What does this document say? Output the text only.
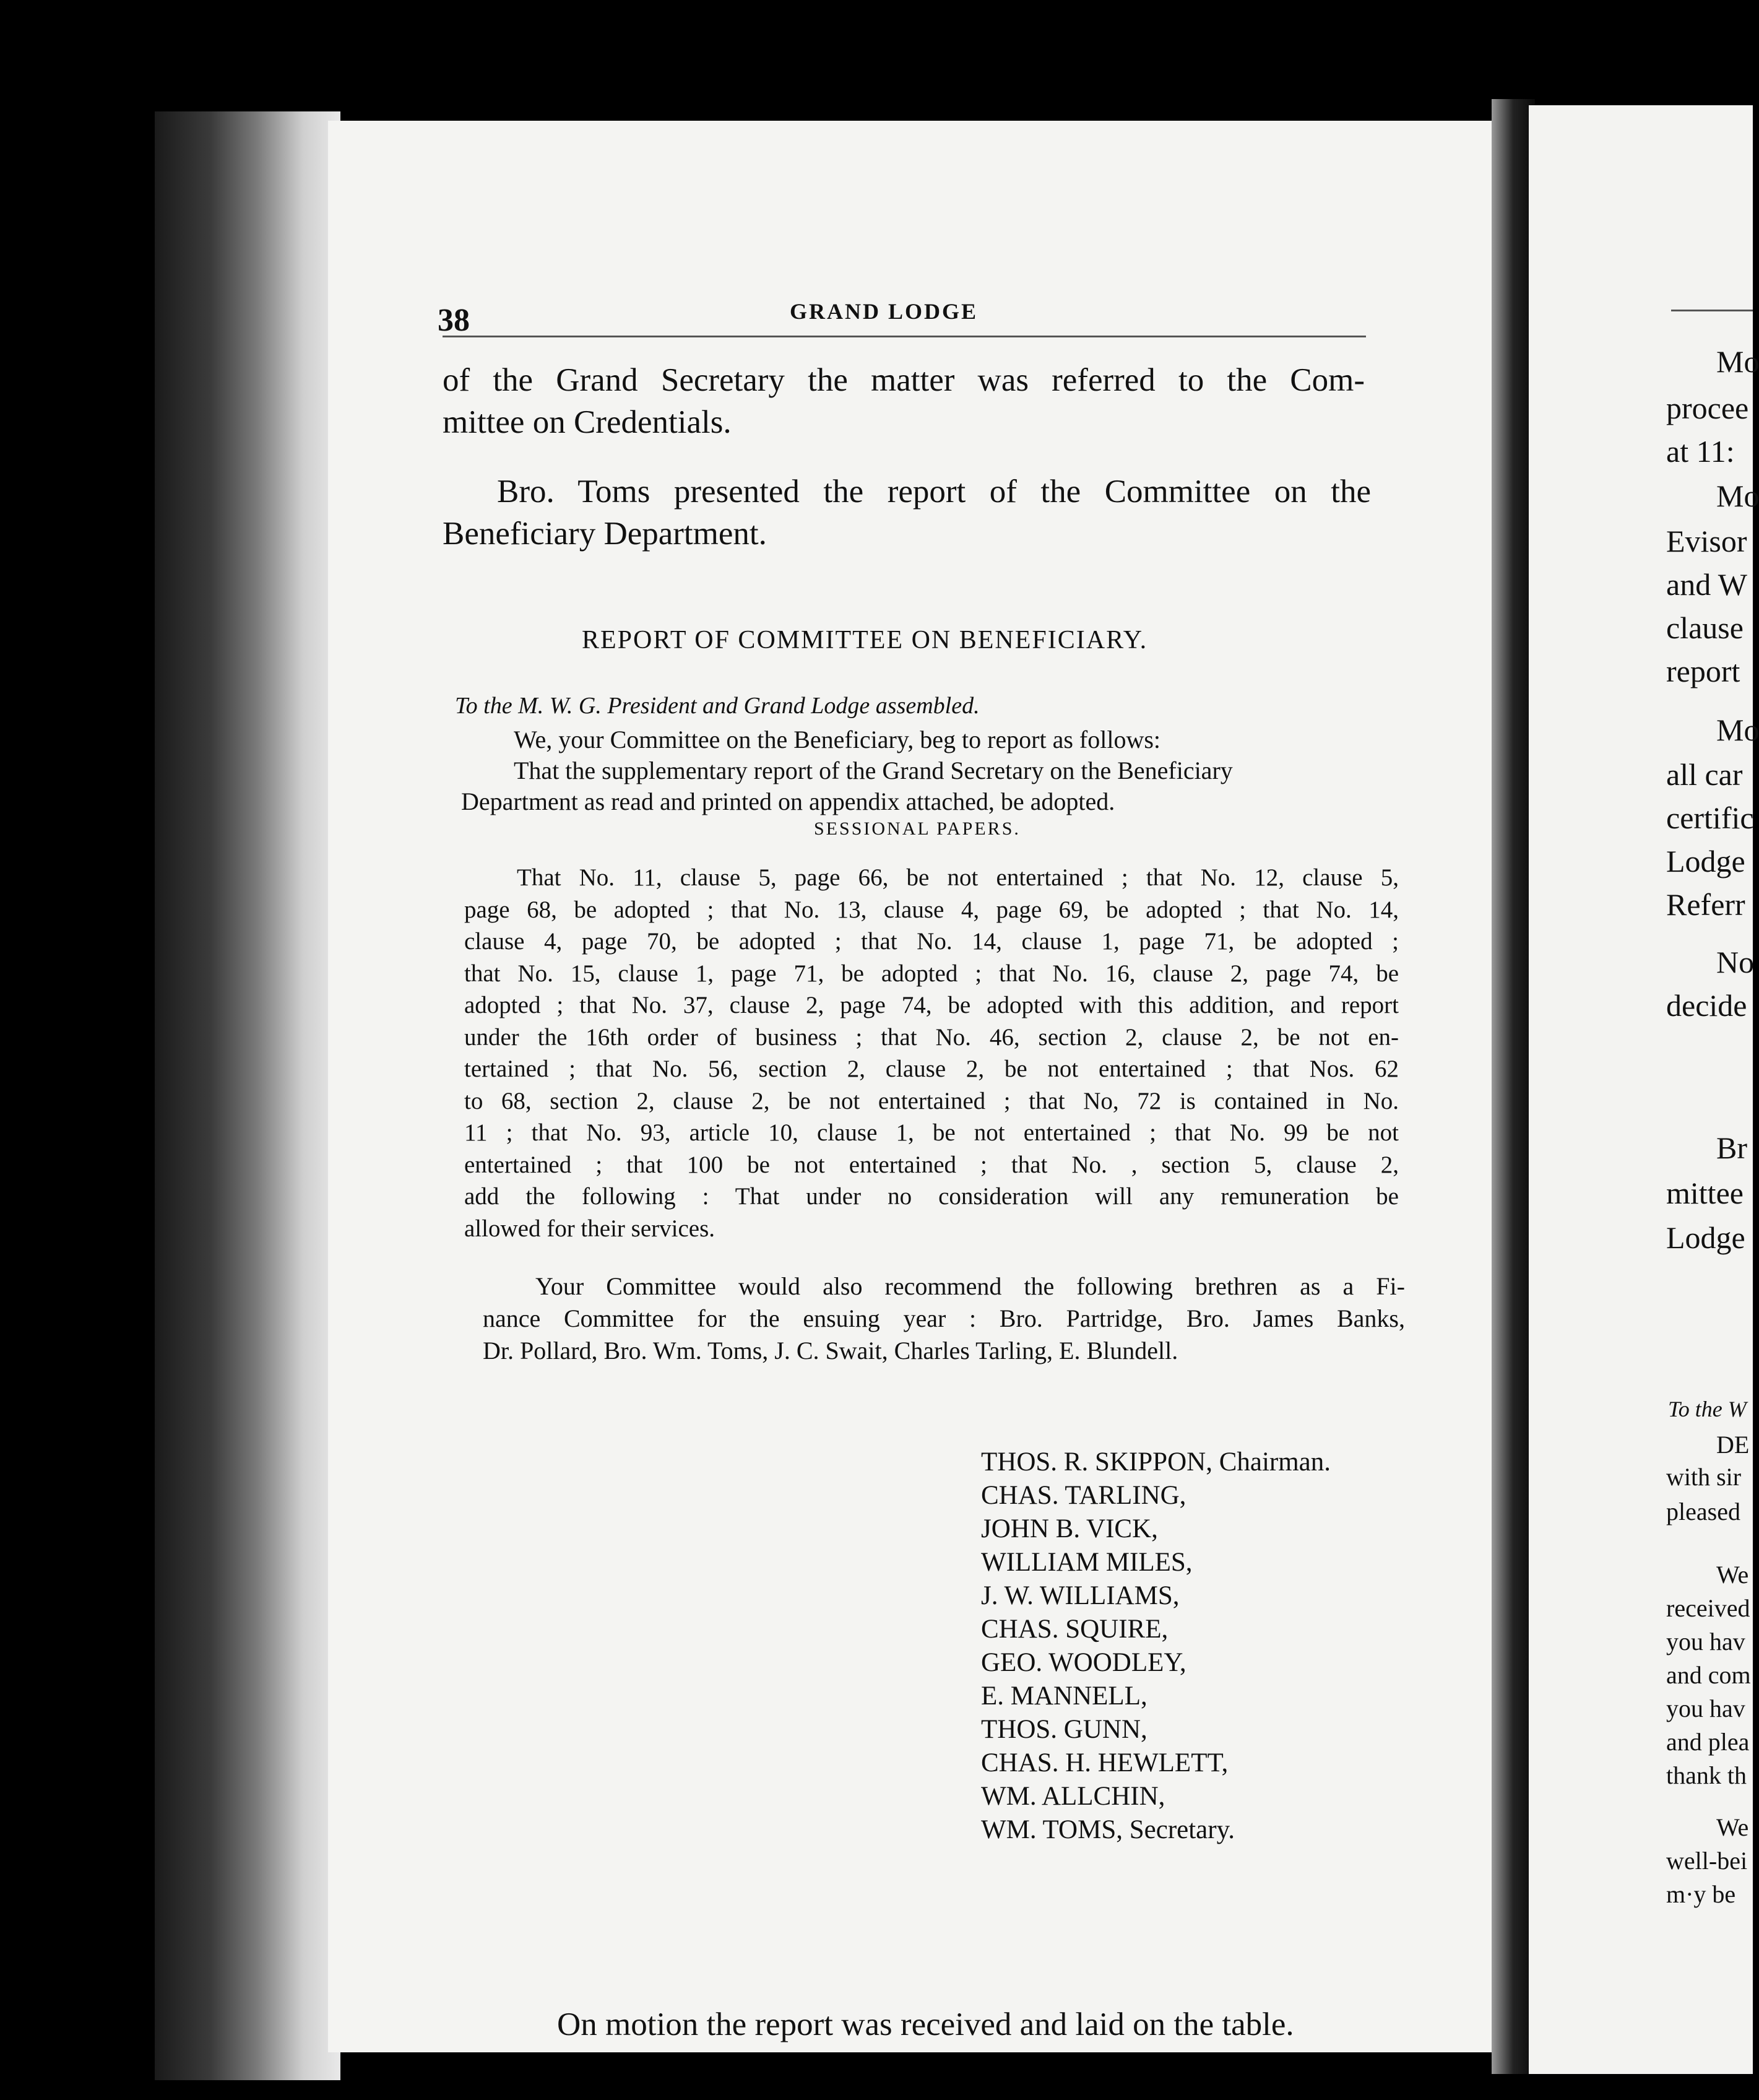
38	GRAND LODGE
of the Grand Secretary the matter was referred to the Com-
mittee on Credentials.
Bro. Toms presented the report of the Committee on the
Beneficiary Department.
REPORT OF COMMITTEE ON BENEFICIARY.
To the M. W. G. President and Grand Lodge assembled.
We, your Committee on the Beneficiary, beg to report as follows:
That the supplementary report of the Grand Secretary on the Beneficiary
Department as read and printed on appendix attached, be adopted.
SESSIONAL PAPERS.
That No. 11, clause 5, page 66, be not entertained ; that No. 12, clause 5,
page 68, be adopted ; that No. 13, clause 4, page 69, be adopted ; that No. 14,
clause 4, page 70, be adopted ; that No. 14, clause 1, page 71, be adopted ;
that No. 15, clause 1, page 71, be adopted ; that No. 16, clause 2, page 74, be
adopted ; that No. 37, clause 2, page 74, be adopted with this addition, and report
under the 16th order of business ; that No. 46, section 2, clause 2, be not en-
tertained ; that No. 56, section 2, clause 2, be not entertained ; that Nos. 62
to 68, section 2, clause 2, be not entertained ; that No, 72 is contained in No.
11 ; that No. 93, article 10, clause 1, be not entertained ; that No. 99 be not
entertained ; that 100 be not entertained ; that No. , section 5, clause 2,
add the following : That under no consideration will any remuneration be
allowed for their services.
Your Committee would also recommend the following brethren as a Fi-
nance Committee for the ensuing year : Bro. Partridge, Bro. James Banks,
Dr. Pollard, Bro. Wm. Toms, J. C. Swait, Charles Tarling, E. Blundell.
THOS. R. SKIPPON, Chairman.
CHAS. TARLING,
JOHN B. VICK,
WILLIAM MILES,
J. W. WILLIAMS,
CHAS. SQUIRE,
GEO. WOODLEY,
E. MANNELL,
THOS. GUNN,
CHAS. H. HEWLETT,
WM. ALLCHIN,
WM. TOMS, Secretary.
On motion the report was received and laid on the table.
Mo
procee
at 11:
Mo
Evisor
and W
clause
report
Mo
all car
certific
Lodge
Referr
No
decide
Br
mittee
Lodge
To the W
DE
with sir
pleased
We
received
you hav
and com
you hav
and plea
thank th
We
well-bei
m·y be
